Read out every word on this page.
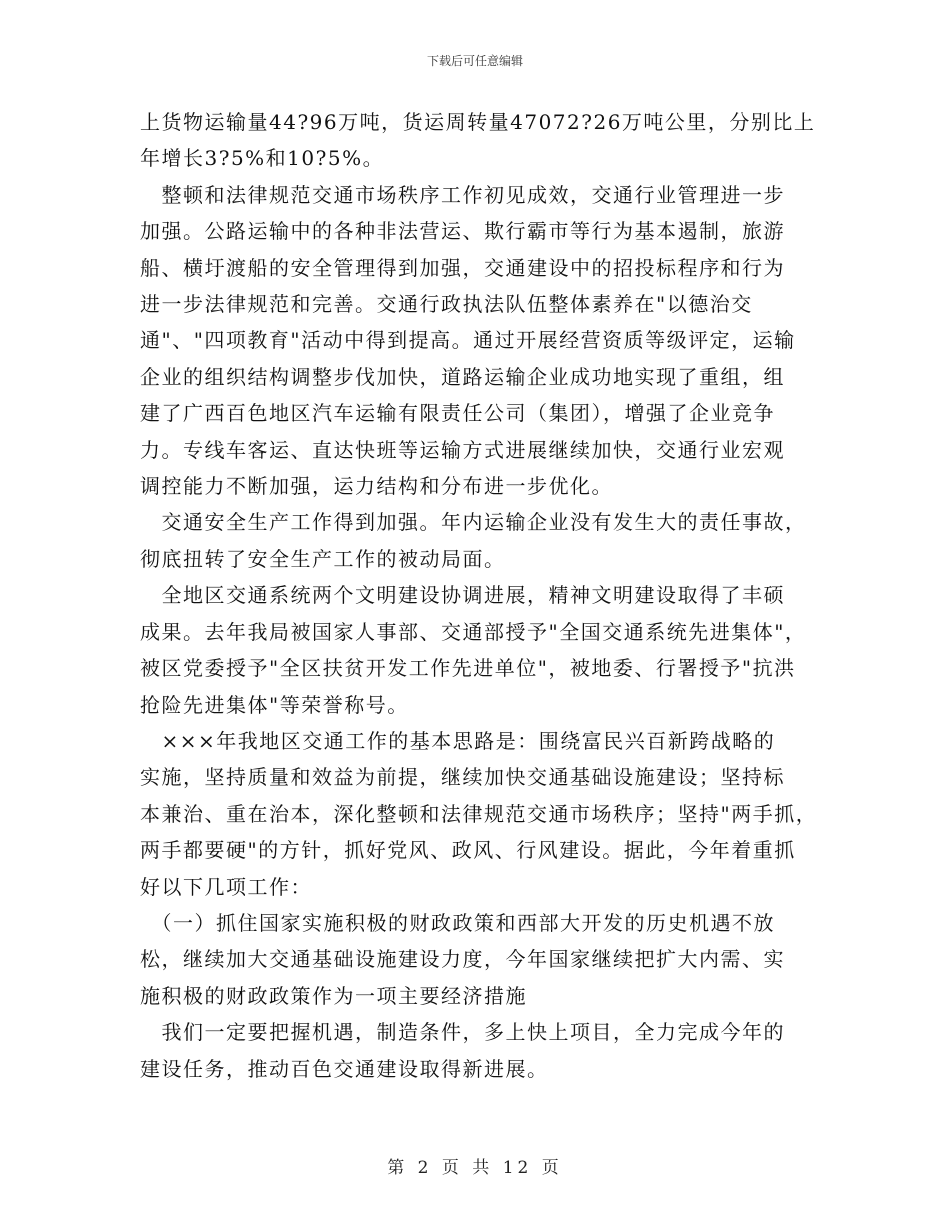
下载后可任意编辑
上货物运输量44?96万吨，货运周转量47072?26万吨公里，分别比上
年增长3?5%和10?5%。
　整顿和法律规范交通市场秩序工作初见成效，交通行业管理进一步
加强。公路运输中的各种非法营运、欺行霸市等行为基本遏制，旅游
船、横圩渡船的安全管理得到加强，交通建设中的招投标程序和行为
进一步法律规范和完善。交通行政执法队伍整体素养在"以德治交
通"、"四项教育"活动中得到提高。通过开展经营资质等级评定，运输
企业的组织结构调整步伐加快，道路运输企业成功地实现了重组，组
建了广西百色地区汽车运输有限责任公司（集团），增强了企业竞争
力。专线车客运、直达快班等运输方式进展继续加快，交通行业宏观
调控能力不断加强，运力结构和分布进一步优化。
　交通安全生产工作得到加强。年内运输企业没有发生大的责任事故，
彻底扭转了安全生产工作的被动局面。
　全地区交通系统两个文明建设协调进展，精神文明建设取得了丰硕
成果。去年我局被国家人事部、交通部授予"全国交通系统先进集体"，
被区党委授予"全区扶贫开发工作先进单位"，被地委、行署授予"抗洪
抢险先进集体"等荣誉称号。
　×××年我地区交通工作的基本思路是：围绕富民兴百新跨战略的
实施，坚持质量和效益为前提，继续加快交通基础设施建设；坚持标
本兼治、重在治本，深化整顿和法律规范交通市场秩序；坚持"两手抓，
两手都要硬"的方针，抓好党风、政风、行风建设。据此，今年着重抓
好以下几项工作：
　（一）抓住国家实施积极的财政政策和西部大开发的历史机遇不放
松，继续加大交通基础设施建设力度，今年国家继续把扩大内需、实
施积极的财政政策作为一项主要经济措施
　我们一定要把握机遇，制造条件，多上快上项目，全力完成今年的
建设任务，推动百色交通建设取得新进展。
第 2 页 共 12 页
